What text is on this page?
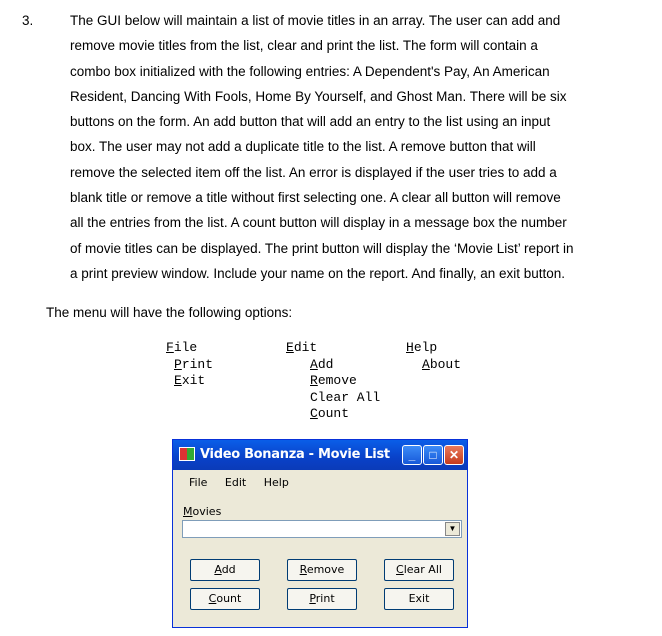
3.	The GUI below will maintain a list of movie titles in an array. The user can add and
remove movie titles from the list, clear and print the list. The form will contain a
combo box initialized with the following entries: A Dependent's Pay, An American
Resident, Dancing With Fools, Home By Yourself, and Ghost Man. There will be six
buttons on the form. An add button that will add an entry to the list using an input
box. The user may not add a duplicate title to the list. A remove button that will
remove the selected item off the list. An error is displayed if the user tries to add a
blank title or remove a title without first selecting one. A clear all button will remove
all the entries from the list. A count button will display in a message box the number
of movie titles can be displayed. The print button will display the ‘Movie List’ report in
a print preview window. Include your name on the report. And finally, an exit button.

The menu will have the following options:

File
Print
Exit
Edit
Add
Remove
Clear All
Count
Help
About
Video Bonanza - Movie List	_	□	✕
File Edit Help
Movies
▼
Add	Remove	Clear All
Count	Print	Exit
